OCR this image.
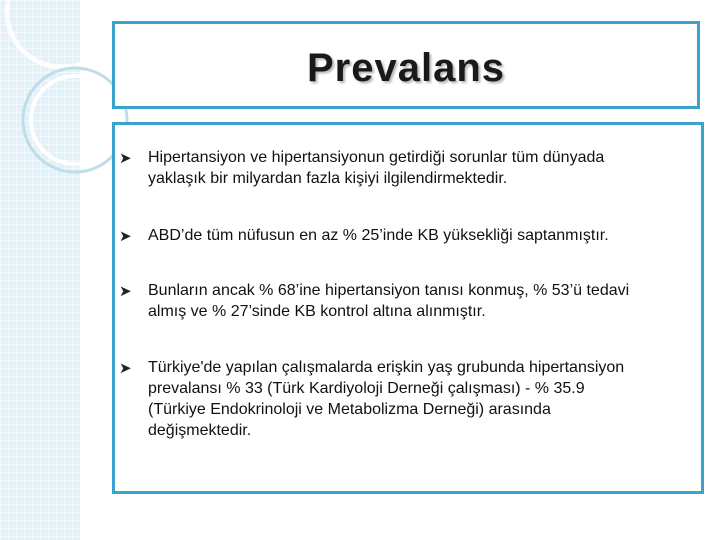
Prevalans
➤ Hipertansiyon ve hipertansiyonun getirdiği sorunlar tüm dünyada
yaklaşık bir milyardan fazla kişiyi ilgilendirmektedir.
➤ ABD’de tüm nüfusun en az % 25’inde KB yüksekliği saptanmıştır.
➤ Bunların ancak % 68’ine hipertansiyon tanısı konmuş, % 53’ü tedavi
almış ve % 27’sinde KB kontrol altına alınmıştır.
➤ Türkiye'de yapılan çalışmalarda erişkin yaş grubunda hipertansiyon
prevalansı % 33 (Türk Kardiyoloji Derneği çalışması) - % 35.9
(Türkiye Endokrinoloji ve Metabolizma Derneği) arasında
değişmektedir.
